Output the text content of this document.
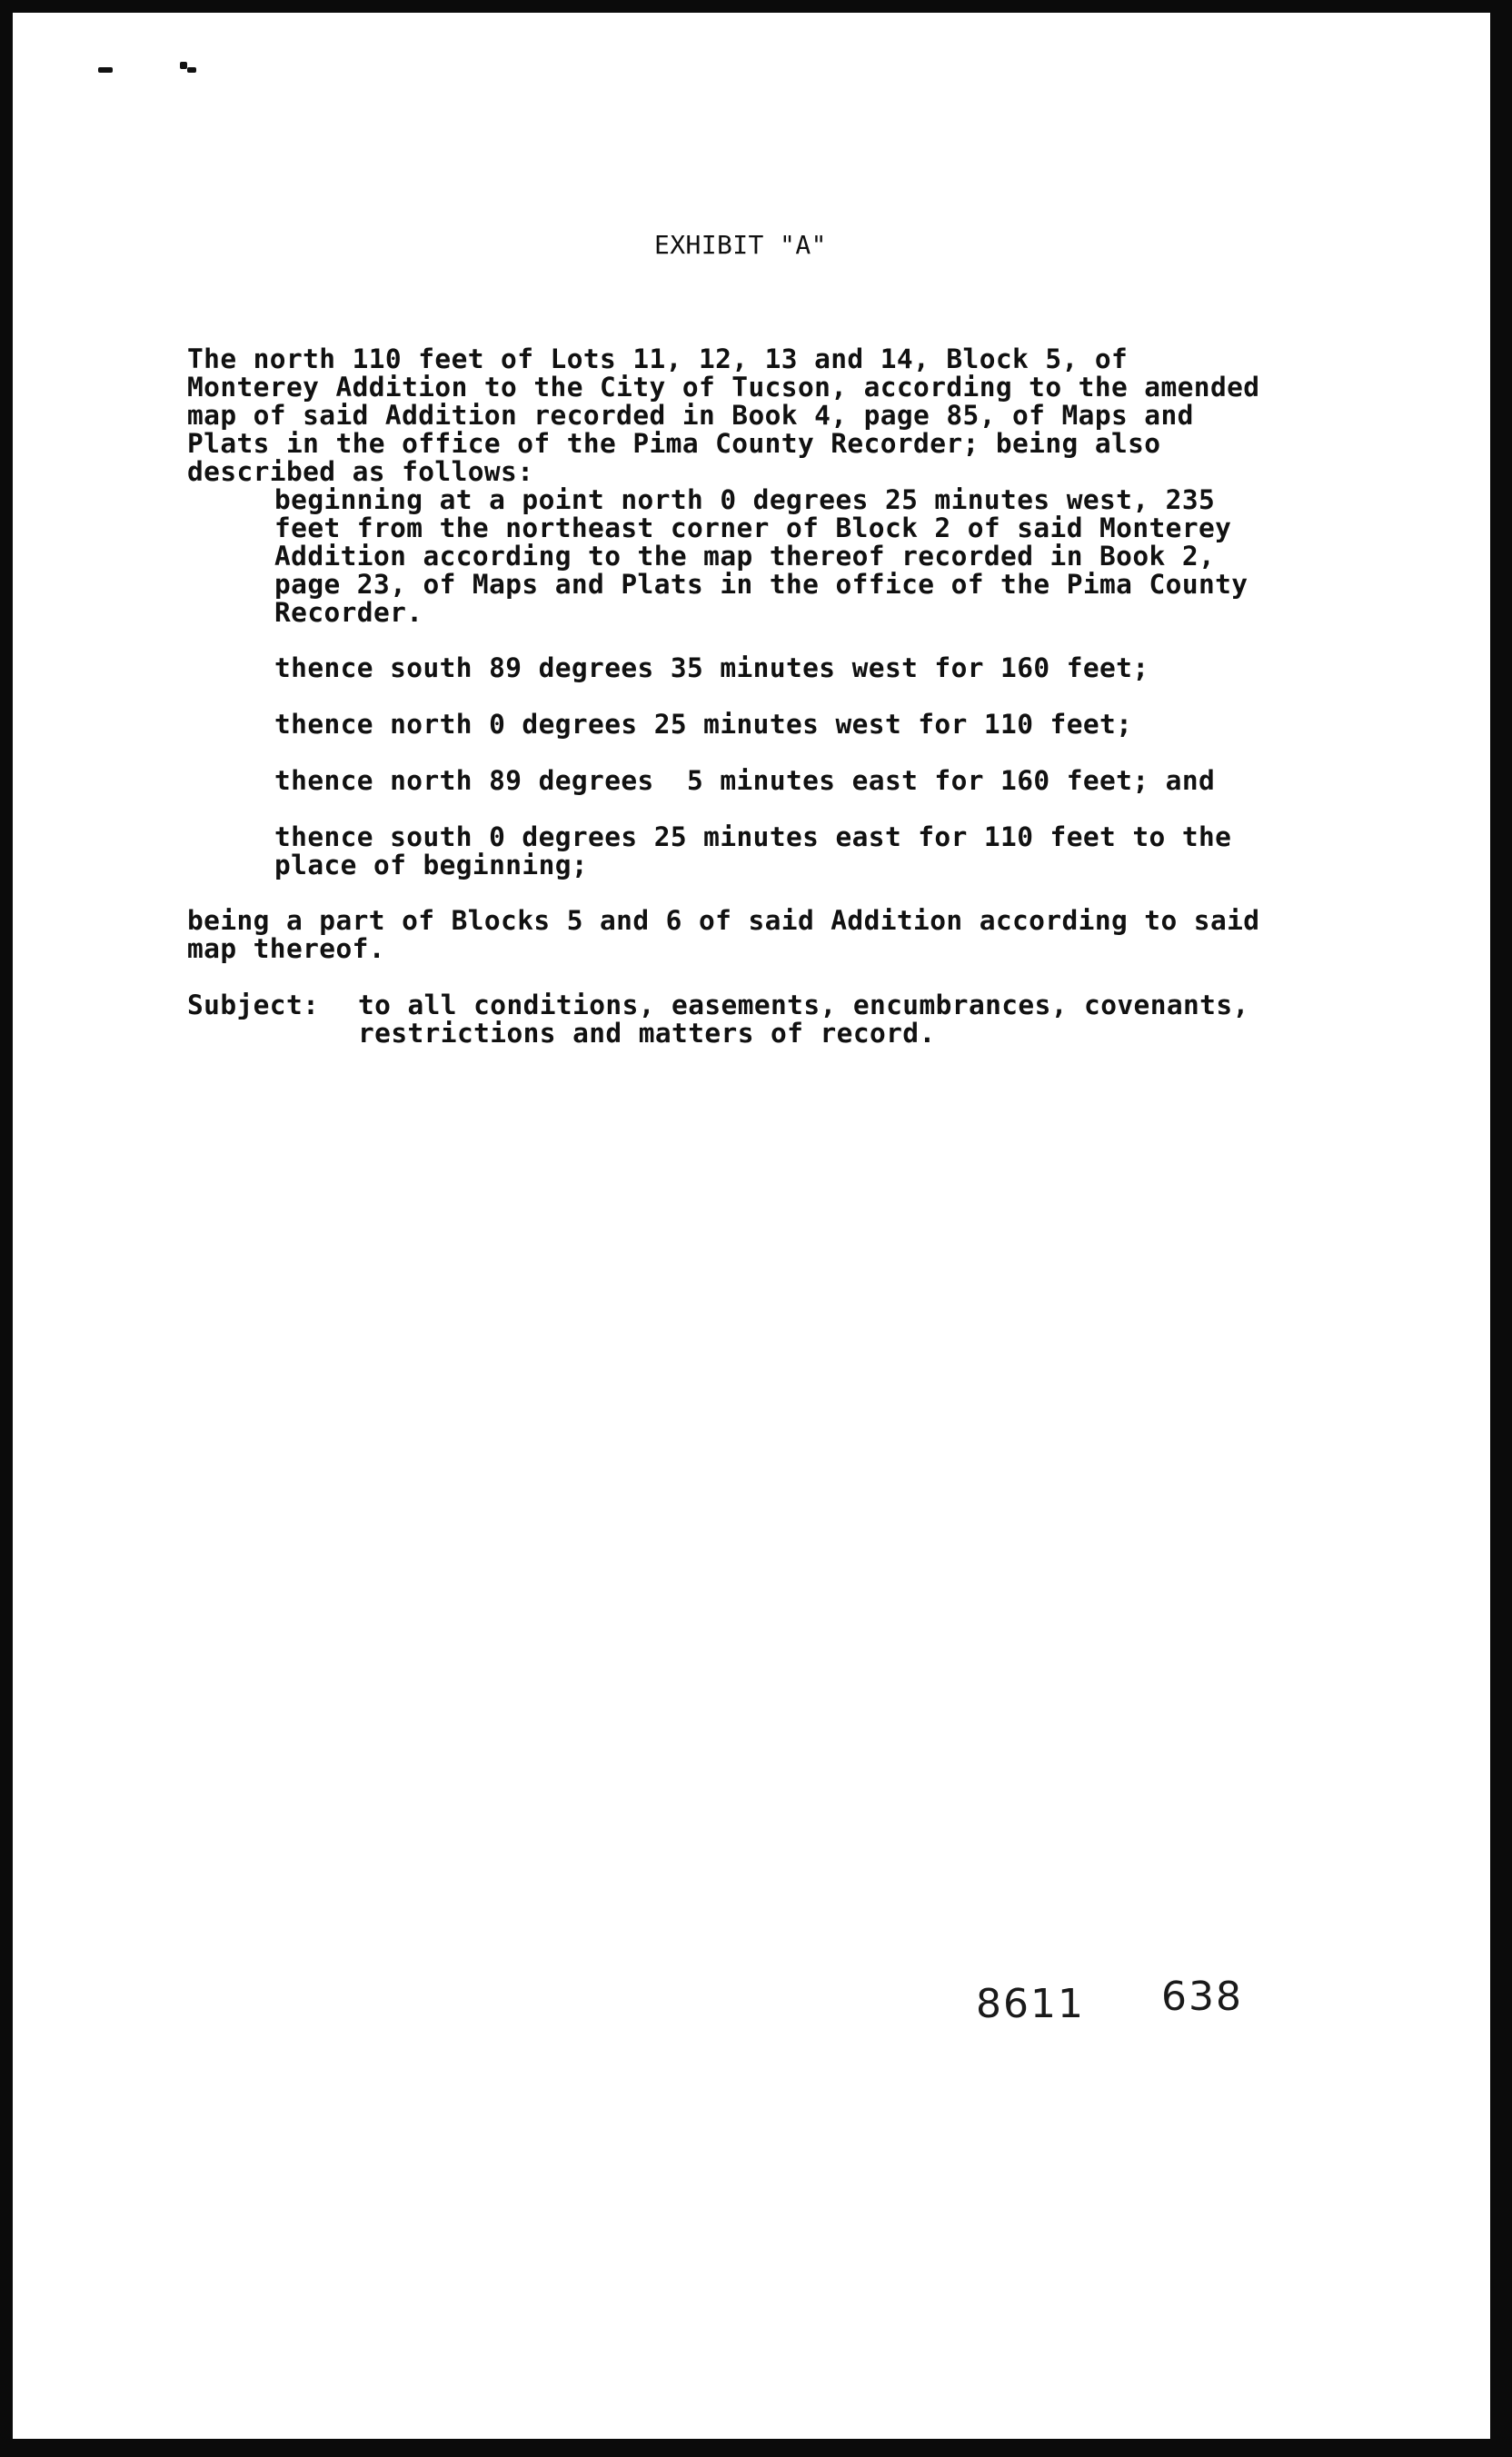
EXHIBIT "A"
The north 110 feet of Lots 11, 12, 13 and 14, Block 5, of
Monterey Addition to the City of Tucson, according to the amended
map of said Addition recorded in Book 4, page 85, of Maps and
Plats in the office of the Pima County Recorder; being also
described as follows:
beginning at a point north 0 degrees 25 minutes west, 235
feet from the northeast corner of Block 2 of said Monterey
Addition according to the map thereof recorded in Book 2,
page 23, of Maps and Plats in the office of the Pima County
Recorder.
thence south 89 degrees 35 minutes west for 160 feet;
thence north 0 degrees 25 minutes west for 110 feet;
thence north 89 degrees  5 minutes east for 160 feet; and
thence south 0 degrees 25 minutes east for 110 feet to the
place of beginning;
being a part of Blocks 5 and 6 of said Addition according to said
map thereof.
Subject: to all conditions, easements, encumbrances, covenants,
restrictions and matters of record.
8611 638
